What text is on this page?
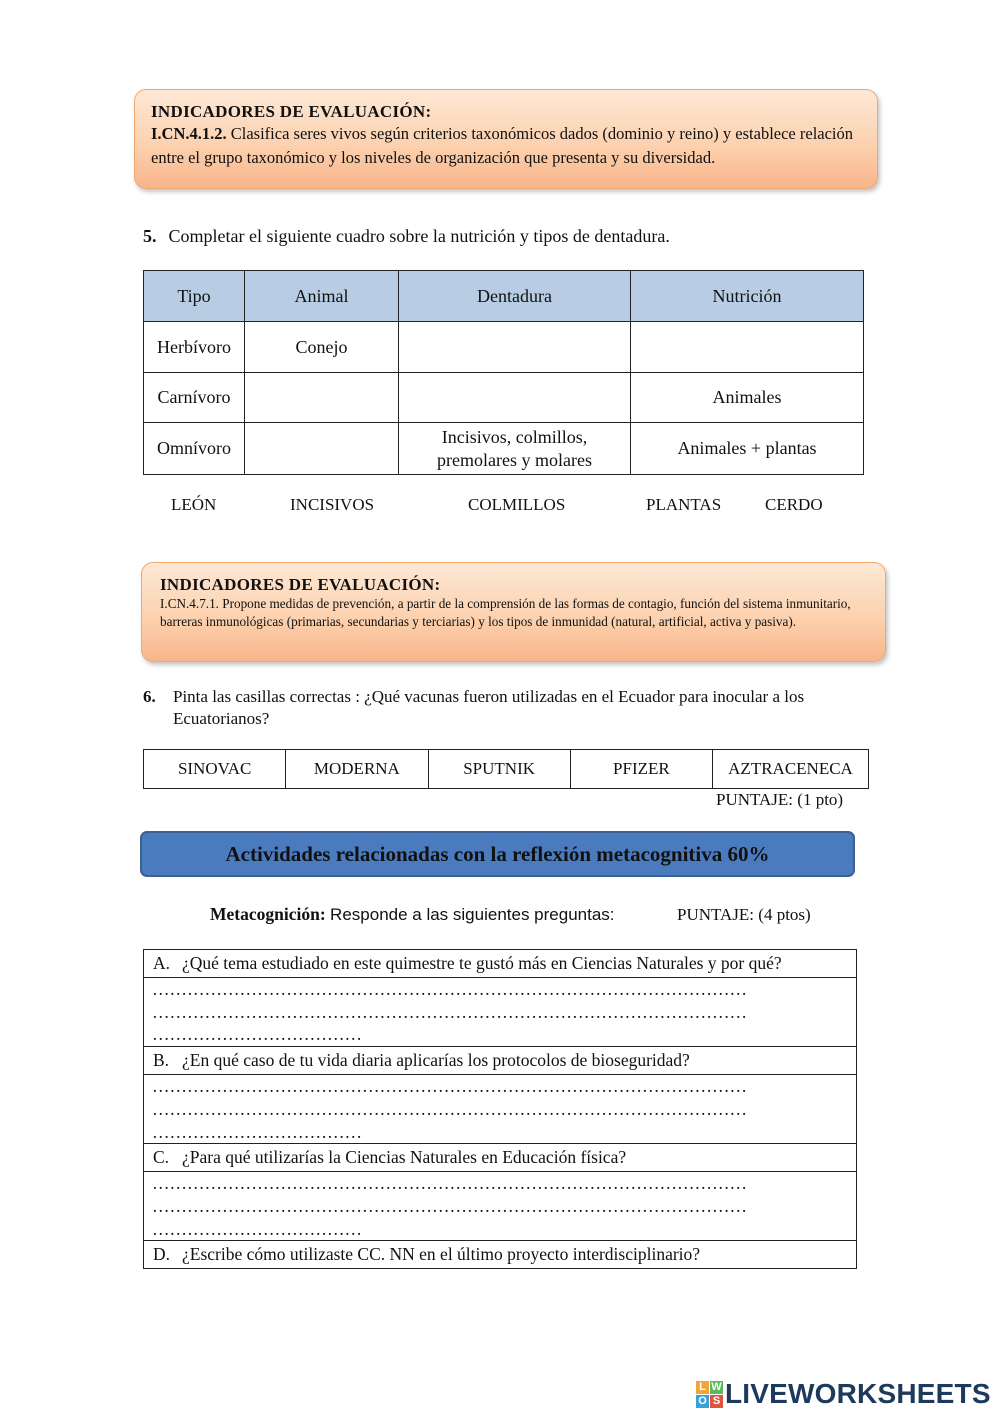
INDICADORES DE EVALUACIÓN:
I.CN.4.1.2. Clasifica seres vivos según criterios taxonómicos dados (dominio y reino) y establece relación entre el grupo taxonómico y los niveles de organización que presenta y su diversidad.
5. Completar el siguiente cuadro sobre la nutrición y tipos de dentadura.
Tipo	Animal	Dentadura	Nutrición
Herbívoro	Conejo		
Carnívoro			Animales
Omnívoro		Incisivos, colmillos, premolares y molares	Animales + plantas
LEÓN	INCISIVOS	COLMILLOS	PLANTAS	CERDO
INDICADORES DE EVALUACIÓN:
I.CN.4.7.1. Propone medidas de prevención, a partir de la comprensión de las formas de contagio, función del sistema inmunitario, barreras inmunológicas (primarias, secundarias y terciarias) y los tipos de inmunidad (natural, artificial, activa y pasiva).
6.	Pinta las casillas correctas : ¿Qué vacunas fueron utilizadas en el Ecuador para inocular a los Ecuatorianos?
SINOVAC	MODERNA	SPUTNIK	PFIZER	AZTRACENECA
PUNTAJE: (1 pto)
Actividades relacionadas con la reflexión metacognitiva 60%
Metacognición: Responde a las siguientes preguntas:	PUNTAJE: (4 ptos)
A. ¿Qué tema estudiado en este quimestre te gustó más en Ciencias Naturales y por qué?
…………………………………………………………………………………………
…………………………………………………………………………………………
………………………………
B. ¿En qué caso de tu vida diaria aplicarías los protocolos de bioseguridad?
…………………………………………………………………………………………
…………………………………………………………………………………………
………………………………
C. ¿Para qué utilizarías la Ciencias Naturales en Educación física?
…………………………………………………………………………………………
…………………………………………………………………………………………
………………………………
D. ¿Escribe cómo utilizaste CC. NN en el último proyecto interdisciplinario?
L W
O S LIVEWORKSHEETS
